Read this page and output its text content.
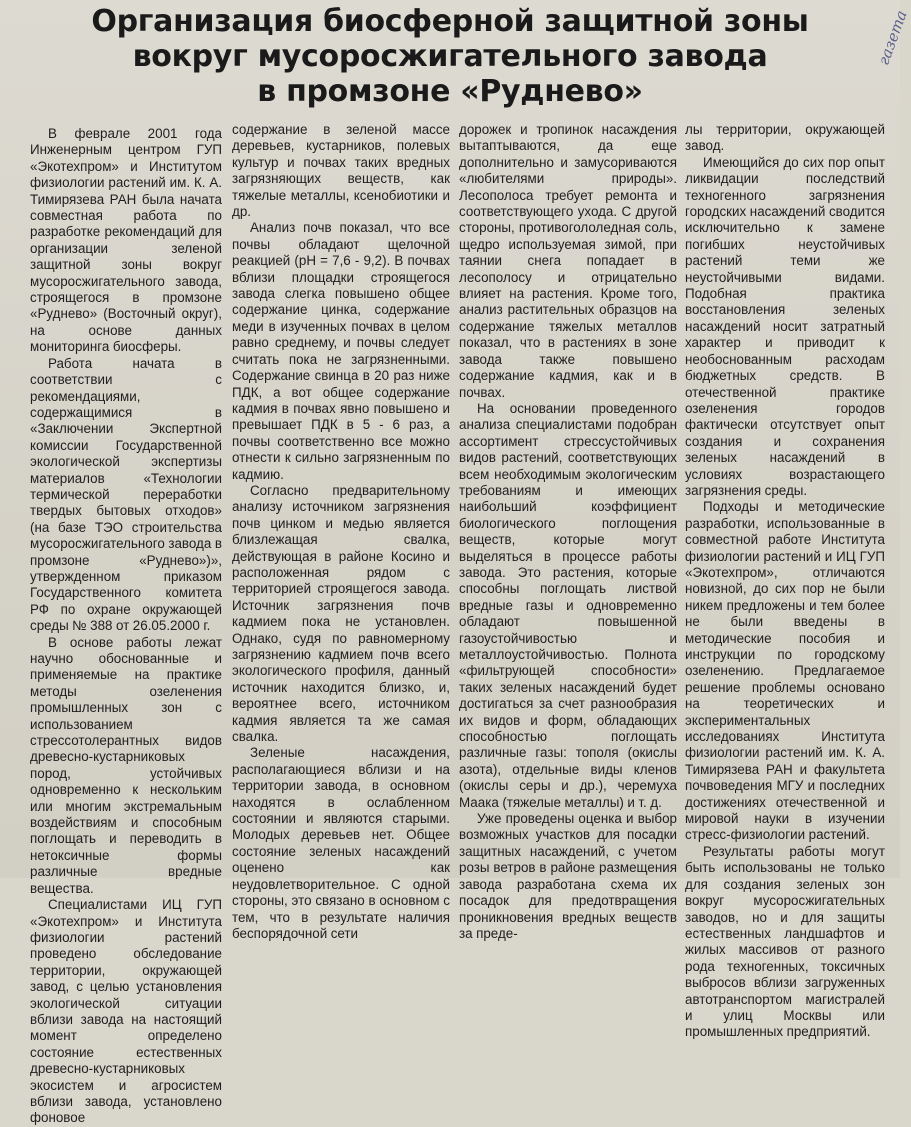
Организация биосферной защитной зоны
вокруг мусоросжигательного завода
в промзоне «Руднево»
газета

В феврале 2001 года Инженерным центром ГУП «Экотехпром» и Институтом физиологии растений им. К. А. Тимирязева РАН была начата совместная работа по разработке рекомендаций для организации зеленой защитной зоны вокруг мусоросжигательного завода, строящегося в промзоне «Руднево» (Восточный округ), на основе данных мониторинга биосферы.

Работа начата в соответствии с рекомендациями, содержащимися в «Заключении Экспертной комиссии Государственной экологической экспертизы материалов «Технологии термической переработки твердых бытовых отходов» (на базе ТЭО строительства мусоросжигательного завода в промзоне «Руднево»)», утвержденном приказом Государственного комитета РФ по охране окружающей среды № 388 от 26.05.2000 г.

В основе работы лежат научно обоснованные и применяемые на практике методы озеленения промышленных зон с использованием стрессотолерантных видов древесно-кустарниковых пород, устойчивых одновременно к нескольким или многим экстремальным воздействиям и способным поглощать и переводить в нетоксичные формы различные вредные вещества.

Специалистами ИЦ ГУП «Экотехпром» и Института физиологии растений проведено обследование территории, окружающей завод, с целью установления экологической ситуации вблизи завода на настоящий момент определено состояние естественных древесно-кустарниковых экосистем и агросистем вблизи завода, установлено фоновое

содержание в зеленой массе деревьев, кустарников, полевых культур и почвах таких вредных загрязняющих веществ, как тяжелые металлы, ксенобиотики и др.

Анализ почв показал, что все почвы обладают щелочной реакцией (pH = 7,6 - 9,2). В почвах вблизи площадки строящегося завода слегка повышено общее содержание цинка, содержание меди в изученных почвах в целом равно среднему, и почвы следует считать пока не загрязненными. Содержание свинца в 20 раз ниже ПДК, а вот общее содержание кадмия в почвах явно повышено и превышает ПДК в 5 - 6 раз, а почвы соответственно все можно отнести к сильно загрязненным по кадмию.

Согласно предварительному анализу источником загрязнения почв цинком и медью является близлежащая свалка, действующая в районе Косино и расположенная рядом с территорией строящегося завода. Источник загрязнения почв кадмием пока не установлен. Однако, судя по равномерному загрязнению кадмием почв всего экологического профиля, данный источник находится близко, и, вероятнее всего, источником кадмия является та же самая свалка.

Зеленые насаждения, располагающиеся вблизи и на территории завода, в основном находятся в ослабленном состоянии и являются старыми. Молодых деревьев нет. Общее состояние зеленых насаждений оценено как неудовлетворительное. С одной стороны, это связано в основном с тем, что в результате наличия беспорядочной сети

дорожек и тропинок насаждения вытаптываются, да еще дополнительно и замусориваются «любителями природы». Лесополоса требует ремонта и соответствующего ухода. С другой стороны, противогололедная соль, щедро используемая зимой, при таянии снега попадает в лесополосу и отрицательно влияет на растения. Кроме того, анализ растительных образцов на содержание тяжелых металлов показал, что в растениях в зоне завода также повышено содержание кадмия, как и в почвах.

На основании проведенного анализа специалистами подобран ассортимент стрессустойчивых видов растений, соответствующих всем необходимым экологическим требованиям и имеющих наибольший коэффициент биологического поглощения веществ, которые могут выделяться в процессе работы завода. Это растения, которые способны поглощать листвой вредные газы и одновременно обладают повышенной газоустойчивостью и металлоустойчивостью. Полнота «фильтрующей способности» таких зеленых насаждений будет достигаться за счет разнообразия их видов и форм, обладающих способностью поглощать различные газы: тополя (окислы азота), отдельные виды кленов (окислы серы и др.), черемуха Маака (тяжелые металлы) и т. д.

Уже проведены оценка и выбор возможных участков для посадки защитных насаждений, с учетом розы ветров в районе размещения завода разработана схема их посадок для предотвращения проникновения вредных веществ за преде-

лы территории, окружающей завод.

Имеющийся до сих пор опыт ликвидации последствий техногенного загрязнения городских насаждений сводится исключительно к замене погибших неустойчивых растений теми же неустойчивыми видами. Подобная практика восстановления зеленых насаждений носит затратный характер и приводит к необоснованным расходам бюджетных средств. В отечественной практике озеленения городов фактически отсутствует опыт создания и сохранения зеленых насаждений в условиях возрастающего загрязнения среды.

Подходы и методические разработки, использованные в совместной работе Института физиологии растений и ИЦ ГУП «Экотехпром», отличаются новизной, до сих пор не были никем предложены и тем более не были введены в методические пособия и инструкции по городскому озеленению. Предлагаемое решение проблемы основано на теоретических и экспериментальных исследованиях Института физиологии растений им. К. А. Тимирязева РАН и факультета почвоведения МГУ и последних достижениях отечественной и мировой науки в изучении стресс-физиологии растений.

Результаты работы могут быть использованы не только для создания зеленых зон вокруг мусоросжигательных заводов, но и для защиты естественных ландшафтов и жилых массивов от разного рода техногенных, токсичных выбросов вблизи загруженных автотранспортом магистралей и улиц Москвы или промышленных предприятий.
